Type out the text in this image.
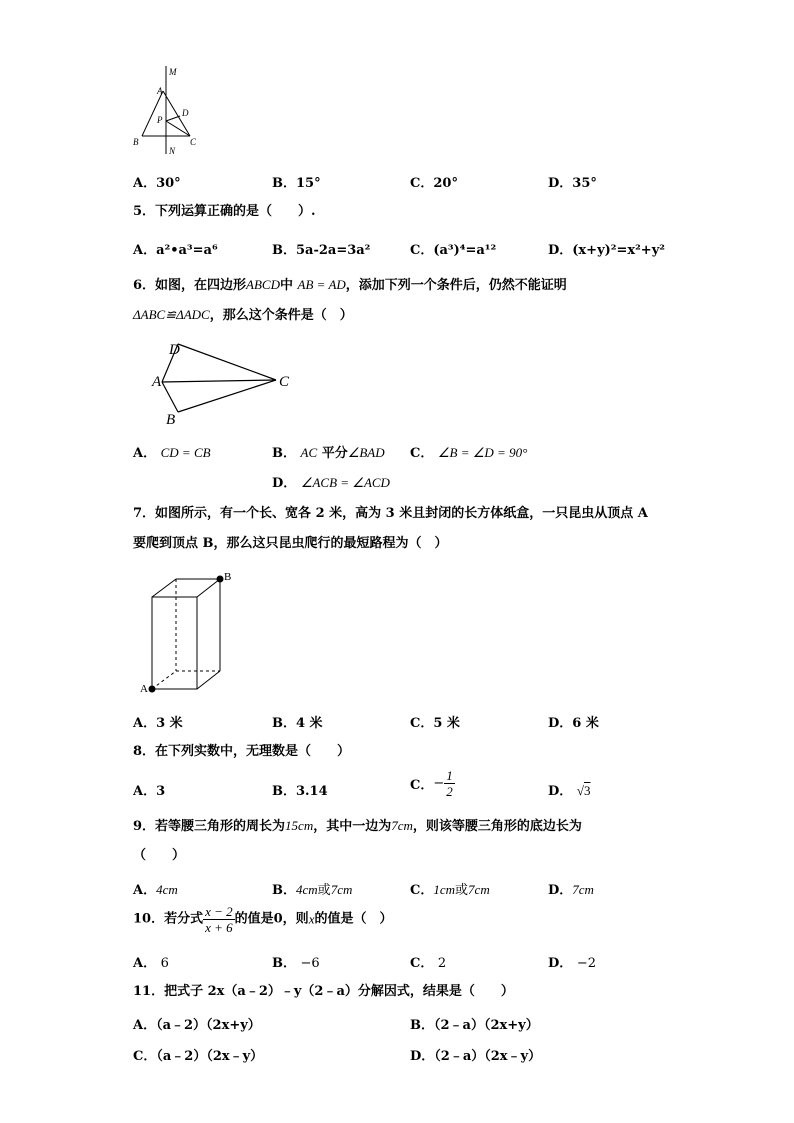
M
A
D
P
B	C
N
A．30°	B．15°	C．20°	D．35°
5．下列运算正确的是（　　）.
A．a²•a³=a⁶	B．5a-2a=3a²	C．(a³)⁴=a¹²	D．(x+y)²=x²+y²
6．如图，在四边形ABCD中 AB = AD，添加下列一个条件后，仍然不能证明
ΔABC≌ΔADC，那么这个条件是（　）
D
A
B
C
A． CD = CB	B． AC 平分∠BAD C． ∠B = ∠D = 90°
D． ∠ACB = ∠ACD
7．如图所示，有一个长、宽各 2 米，高为 3 米且封闭的长方体纸盒，一只昆虫从顶点 A
要爬到顶点 B，那么这只昆虫爬行的最短路程为（　）
A
B
A．3 米	B．4 米	C．5 米	D．6 米
8．在下列实数中，无理数是（　　）
A．3	B．3.14	C．− $\frac{1}{2}$	D． √3
9．若等腰三角形的周长为15cm，其中一边为7cm，则该等腰三角形的底边长为
（　　）
A．4cm	B．4cm或7cm	C．1cm或7cm	D．7cm
10．若分式 $\frac{x - 2}{x + 6}$ 的值是0，则x的值是（　）
A． 6	B． −6	C． 2	D． −2
11．把式子 2x（a﹣2）﹣y（2﹣a）分解因式，结果是（　　）
A．（a﹣2）（2x+y）	B．（2﹣a）（2x+y）
C．（a﹣2）（2x﹣y）	D．（2﹣a）（2x﹣y）
